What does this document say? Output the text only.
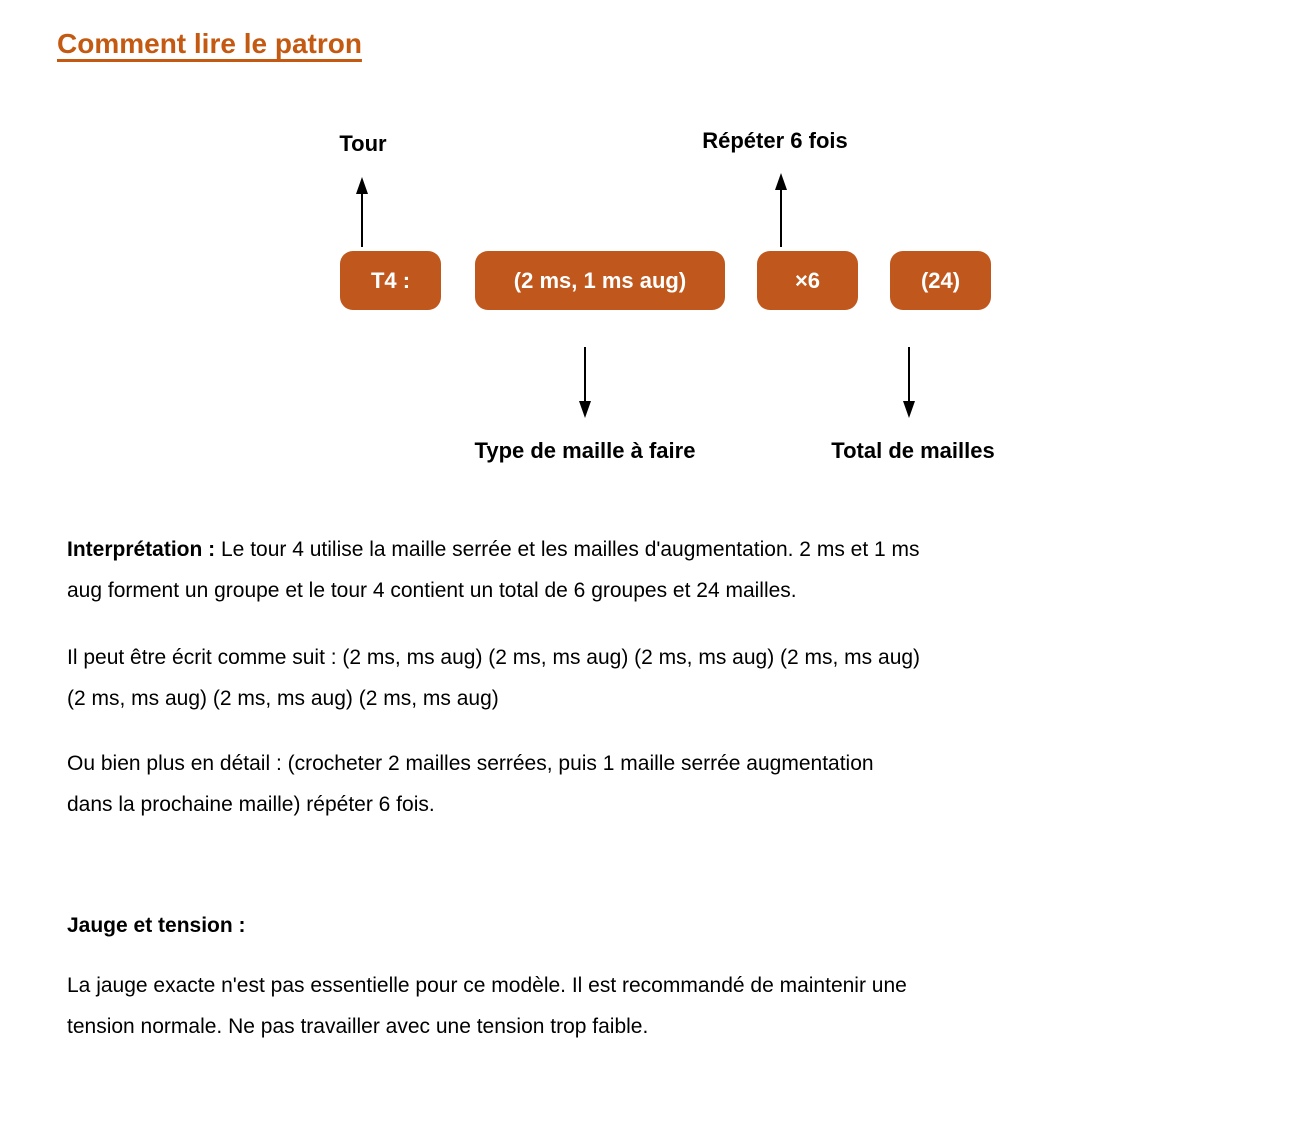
Comment lire le patron
Tour	Répéter 6 fois
T4 :	(2 ms, 1 ms aug)	×6	(24)
Type de maille à faire	Total de mailles

Interprétation : Le tour 4 utilise la maille serrée et les mailles d'augmentation. 2 ms et 1 ms
aug forment un groupe et le tour 4 contient un total de 6 groupes et 24 mailles.

Il peut être écrit comme suit : (2 ms, ms aug) (2 ms, ms aug) (2 ms, ms aug) (2 ms, ms aug)
(2 ms, ms aug) (2 ms, ms aug) (2 ms, ms aug)

Ou bien plus en détail : (crocheter 2 mailles serrées, puis 1 maille serrée augmentation
dans la prochaine maille) répéter 6 fois.

Jauge et tension :

La jauge exacte n'est pas essentielle pour ce modèle. Il est recommandé de maintenir une
tension normale. Ne pas travailler avec une tension trop faible.
